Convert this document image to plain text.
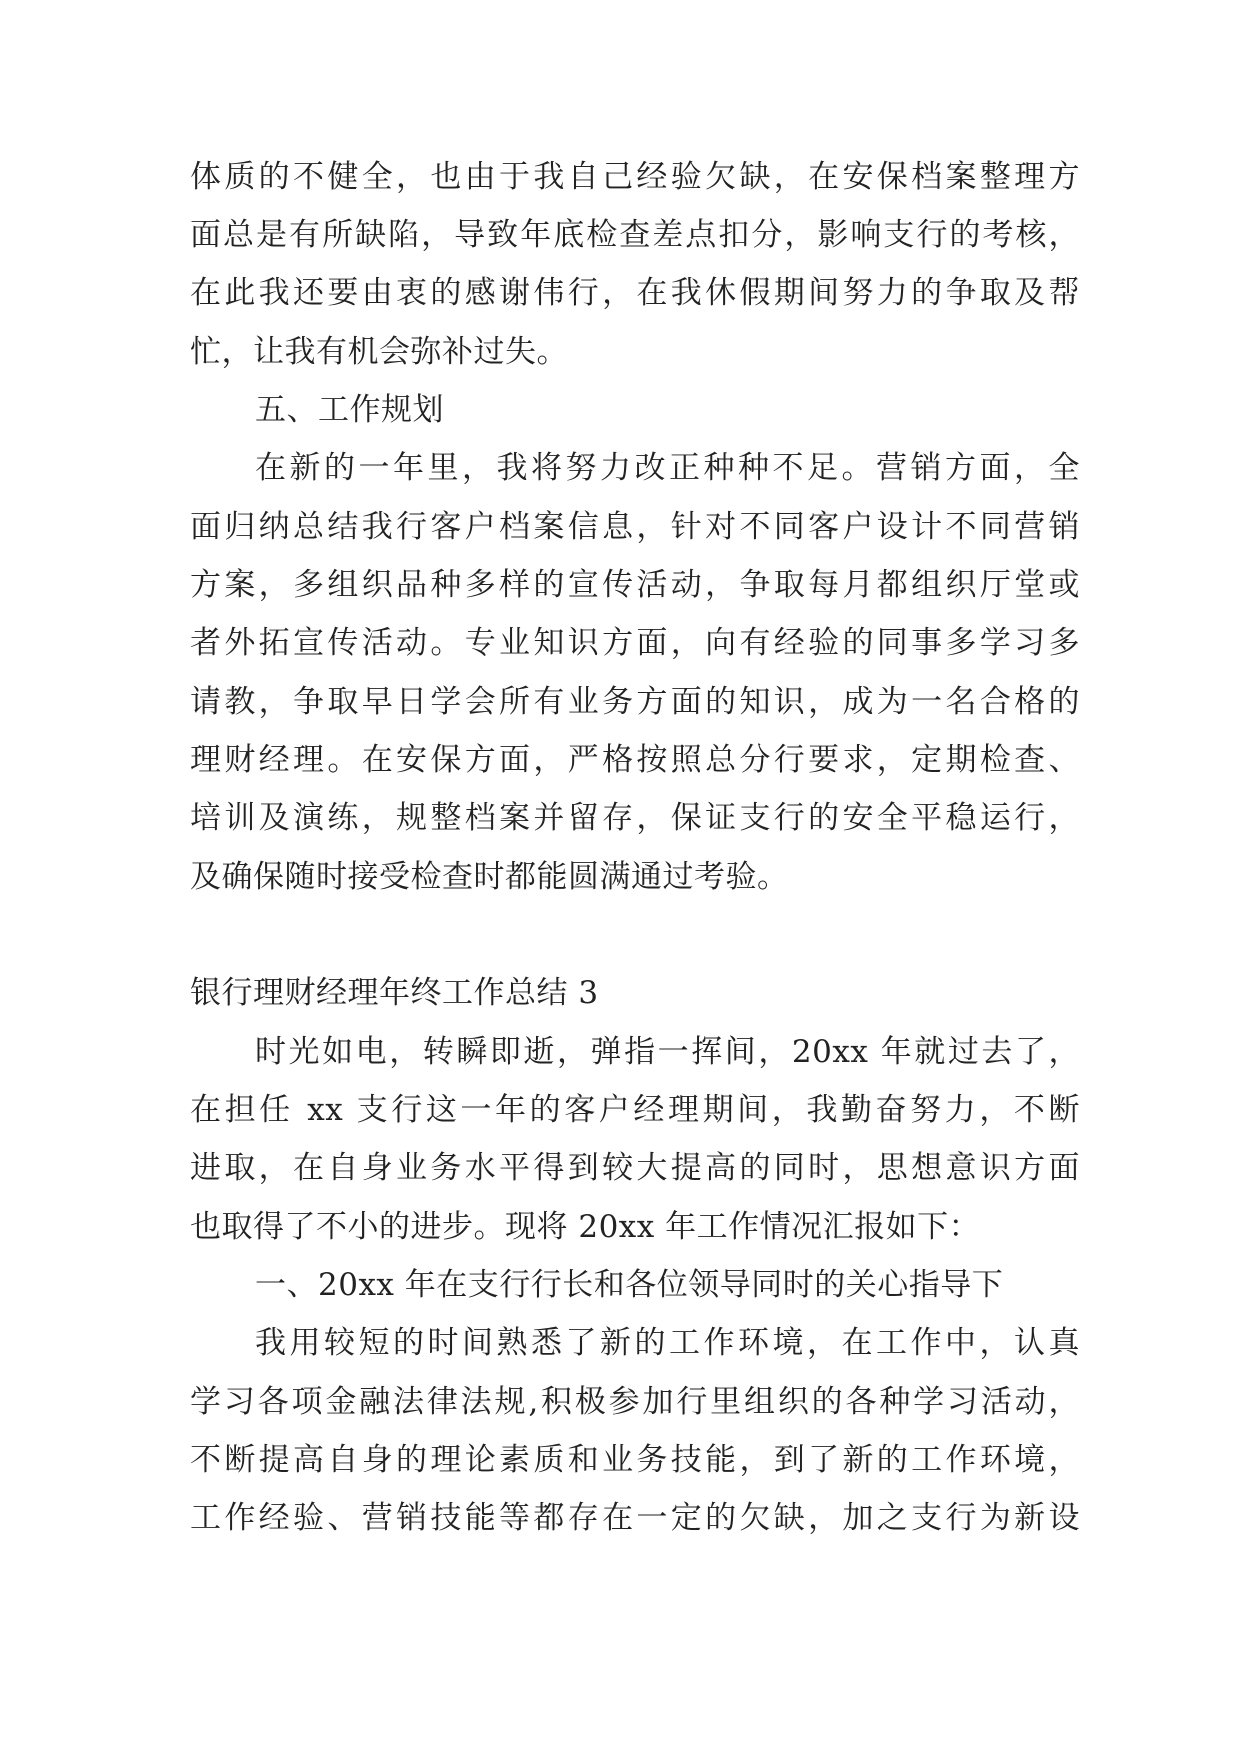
体质的不健全，也由于我自己经验欠缺，在安保档案整理方
面总是有所缺陷，导致年底检查差点扣分，影响支行的考核，
在此我还要由衷的感谢伟行，在我休假期间努力的争取及帮
忙，让我有机会弥补过失。
五、工作规划
在新的一年里，我将努力改正种种不足。营销方面，全
面归纳总结我行客户档案信息，针对不同客户设计不同营销
方案，多组织品种多样的宣传活动，争取每月都组织厅堂或
者外拓宣传活动。专业知识方面，向有经验的同事多学习多
请教，争取早日学会所有业务方面的知识，成为一名合格的
理财经理。在安保方面，严格按照总分行要求，定期检查、
培训及演练，规整档案并留存，保证支行的安全平稳运行，
及确保随时接受检查时都能圆满通过考验。
银行理财经理年终工作总结 3
时光如电，转瞬即逝，弹指一挥间，20xx 年就过去了，
在担任 xx 支行这一年的客户经理期间，我勤奋努力，不断
进取，在自身业务水平得到较大提高的同时，思想意识方面
也取得了不小的进步。现将 20xx 年工作情况汇报如下：
一、20xx 年在支行行长和各位领导同时的关心指导下
我用较短的时间熟悉了新的工作环境，在工作中，认真
学习各项金融法律法规,积极参加行里组织的各种学习活动，
不断提高自身的理论素质和业务技能，到了新的工作环境，
工作经验、营销技能等都存在一定的欠缺，加之支行为新设
